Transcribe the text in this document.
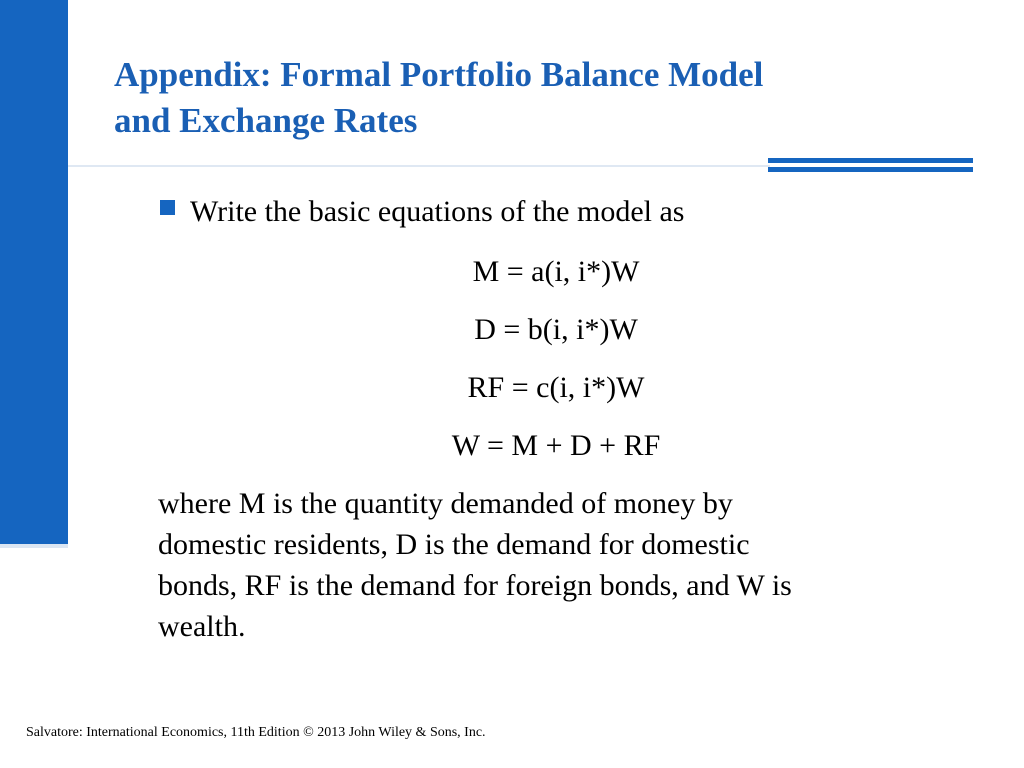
Appendix: Formal Portfolio Balance Model
and Exchange Rates
Write the basic equations of the model as
M = a(i, i*)W
D = b(i, i*)W
RF = c(i, i*)W
W = M + D + RF

where M is the quantity demanded of money by
domestic residents, D is the demand for domestic
bonds, RF is the demand for foreign bonds, and W is
wealth.

Salvatore: International Economics, 11th Edition © 2013 John Wiley & Sons, Inc.
